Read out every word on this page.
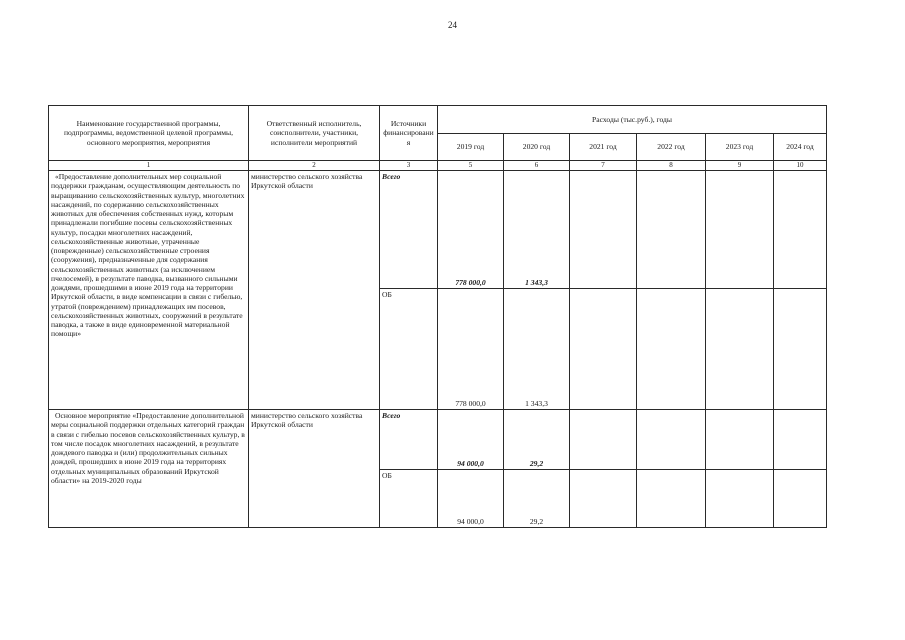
24
Наименование государственной программы, подпрограммы, ведомственной целевой программы, основного мероприятия, мероприятия	Ответственный исполнитель, соисполнители, участники, исполнители мероприятий	Источники финансировани я	Расходы (тыс.руб.), годы					
			2019 год	2020 год	2021 год	2022 год	2023 год	2024 год
1	2	3	5	6	7	8	9	10
«Предоставление дополнительных мер социальной поддержки гражданам, осуществляющим деятельность по выращиванию сельскохозяйственных культур, многолетних насаждений, по содержанию сельскохозяйственных животных для обеспечения собственных нужд, которым принадлежали погибшие посевы сельскохозяйственных культур, посадки многолетних насаждений, сельскохозяйственные животные, утраченные (поврежденные) сельскохозяйственные строения (сооружения), предназначенные для содержания сельскохозяйственных животных (за исключением пчелосемей), в результате паводка, вызванного сильными дождями, прошедшими в июне 2019 года на территории Иркутской области, в виде компенсации в связи с гибелью, утратой (повреждением) принадлежащих им посевов, сельскохозяйственных животных, сооружений в результате паводка, а также в виде единовременной материальной помощи»	министерство сельского хозяйства Иркутской области	Всего	778 000,0	1 343,3				
		ОБ	778 000,0	1 343,3				
Основное мероприятие «Предоставление дополнительной меры социальной поддержки отдельных категорий граждан в связи с гибелью посевов сельскохозяйственных культур, в том числе посадок многолетних насаждений, в результате дождевого паводка и (или) продолжительных сильных дождей, прошедших в июне 2019 года на территориях отдельных муниципальных образований Иркутской области» на 2019-2020 годы	министерство сельского хозяйства Иркутской области	Всего	94 000,0	29,2				
		ОБ	94 000,0	29,2				
